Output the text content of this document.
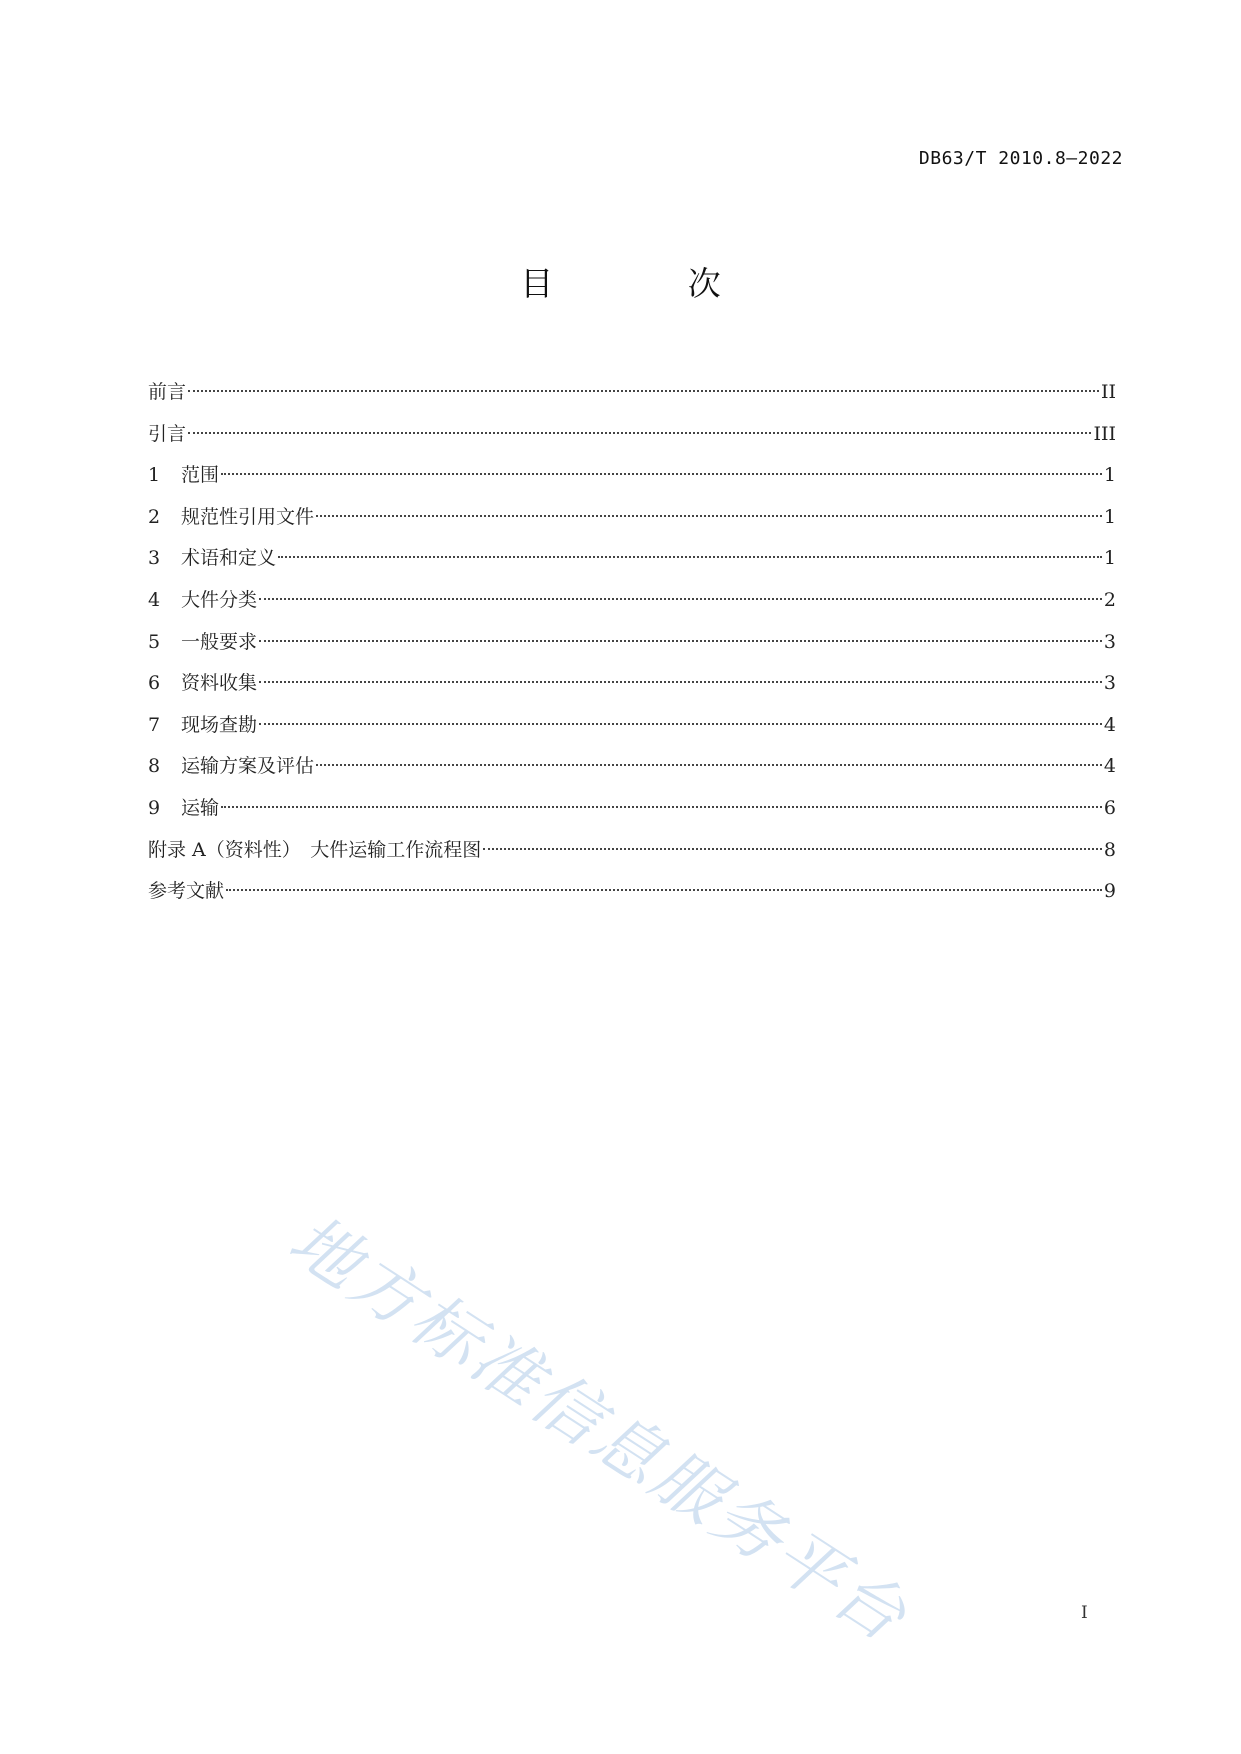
DB63/T 2010.8—2022
目 次
前言	II
引言	III
1	范围	1
2	规范性引用文件	1
3	术语和定义	1
4	大件分类	2
5	一般要求	3
6	资料收集	3
7	现场查勘	4
8	运输方案及评估	4
9	运输	6
附录 A（资料性）　大件运输工作流程图	8
参考文献	9
地方标准信息服务平台	I
